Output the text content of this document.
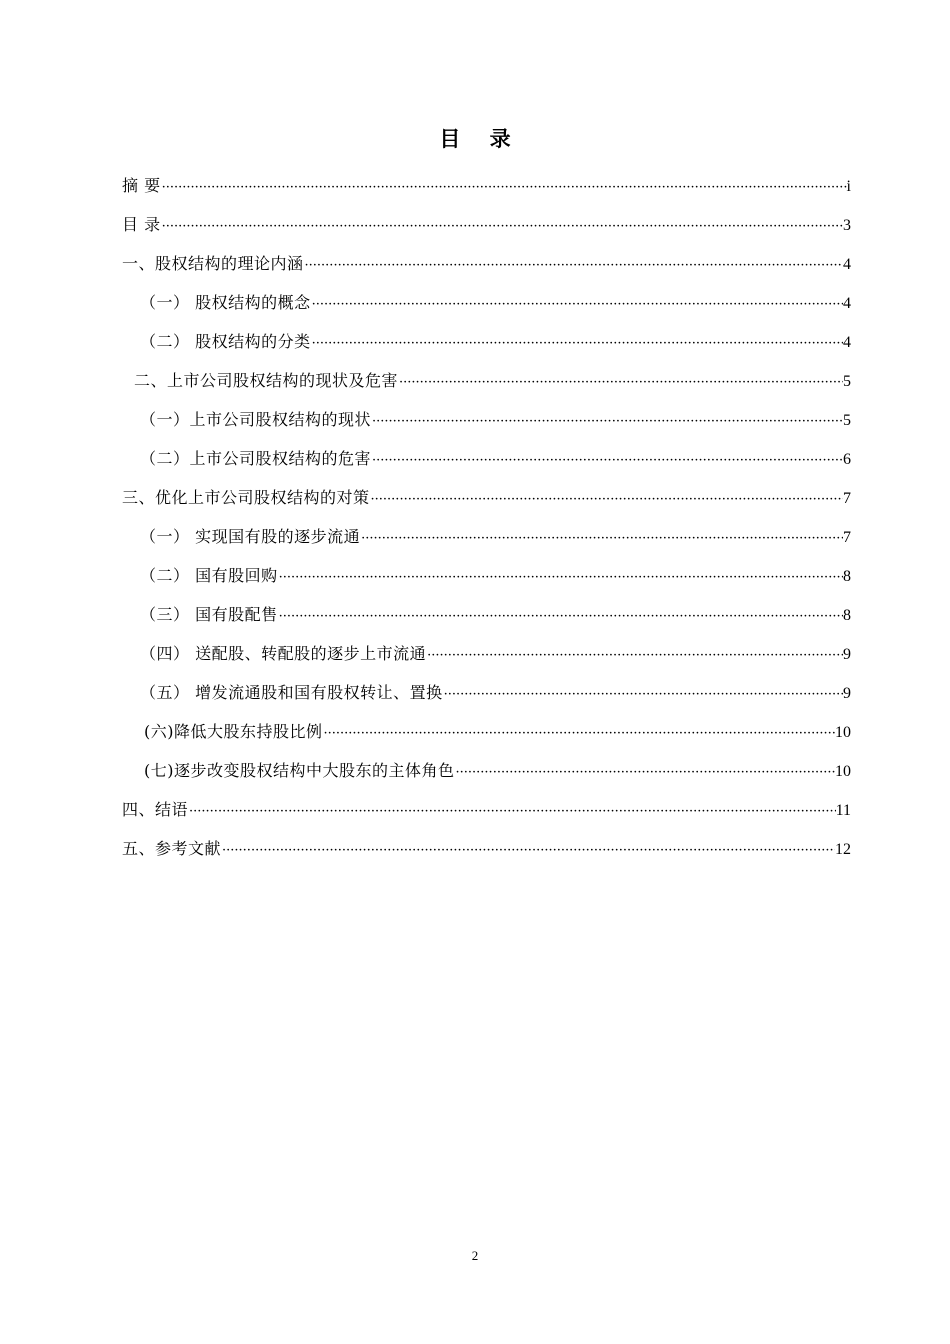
目    录
摘 要 ·····	i
目 录 ·····	3
一、股权结构的理论内涵 ·····	4
（一） 股权结构的概念 ·····	4
（二） 股权结构的分类 ·····	4
二、上市公司股权结构的现状及危害 ·····	5
（一）上市公司股权结构的现状 ·····	5
（二）上市公司股权结构的危害 ·····	6
三、优化上市公司股权结构的对策 ·····	7
（一） 实现国有股的逐步流通 ·····	7
（二） 国有股回购 ·····	8
（三） 国有股配售 ·····	8
（四） 送配股、转配股的逐步上市流通 ·····	9
（五） 增发流通股和国有股权转让、置换 ·····	9
(六)降低大股东持股比例 ·····	10
(七)逐步改变股权结构中大股东的主体角色 ·····	10
四、结语 ·····	11
五、参考文献 ·····	12
2
